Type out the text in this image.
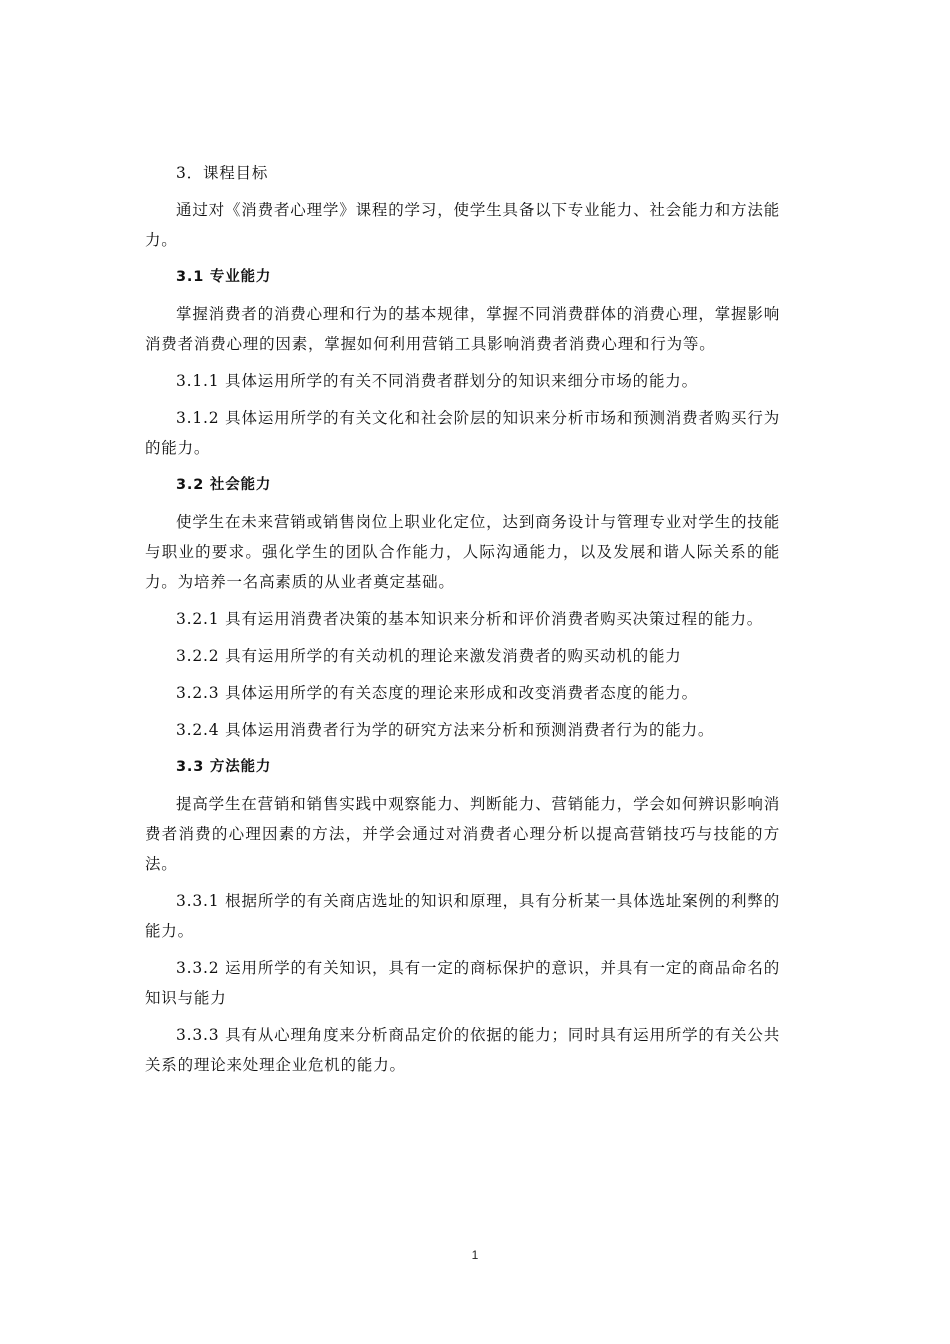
3．课程目标

通过对《消费者心理学》课程的学习，使学生具备以下专业能力、社会能力和方法能力。

3.1 专业能力

掌握消费者的消费心理和行为的基本规律，掌握不同消费群体的消费心理，掌握影响消费者消费心理的因素，掌握如何利用营销工具影响消费者消费心理和行为等。

3.1.1 具体运用所学的有关不同消费者群划分的知识来细分市场的能力。

3.1.2 具体运用所学的有关文化和社会阶层的知识来分析市场和预测消费者购买行为的能力。

3.2 社会能力

使学生在未来营销或销售岗位上职业化定位，达到商务设计与管理专业对学生的技能与职业的要求。强化学生的团队合作能力，人际沟通能力，以及发展和谐人际关系的能力。为培养一名高素质的从业者奠定基础。

3.2.1 具有运用消费者决策的基本知识来分析和评价消费者购买决策过程的能力。

3.2.2 具有运用所学的有关动机的理论来激发消费者的购买动机的能力

3.2.3 具体运用所学的有关态度的理论来形成和改变消费者态度的能力。

3.2.4 具体运用消费者行为学的研究方法来分析和预测消费者行为的能力。

3.3 方法能力

提高学生在营销和销售实践中观察能力、判断能力、营销能力，学会如何辨识影响消费者消费的心理因素的方法，并学会通过对消费者心理分析以提高营销技巧与技能的方法。

3.3.1 根据所学的有关商店选址的知识和原理，具有分析某一具体选址案例的利弊的能力。

3.3.2 运用所学的有关知识，具有一定的商标保护的意识，并具有一定的商品命名的知识与能力

3.3.3 具有从心理角度来分析商品定价的依据的能力；同时具有运用所学的有关公共关系的理论来处理企业危机的能力。

1
